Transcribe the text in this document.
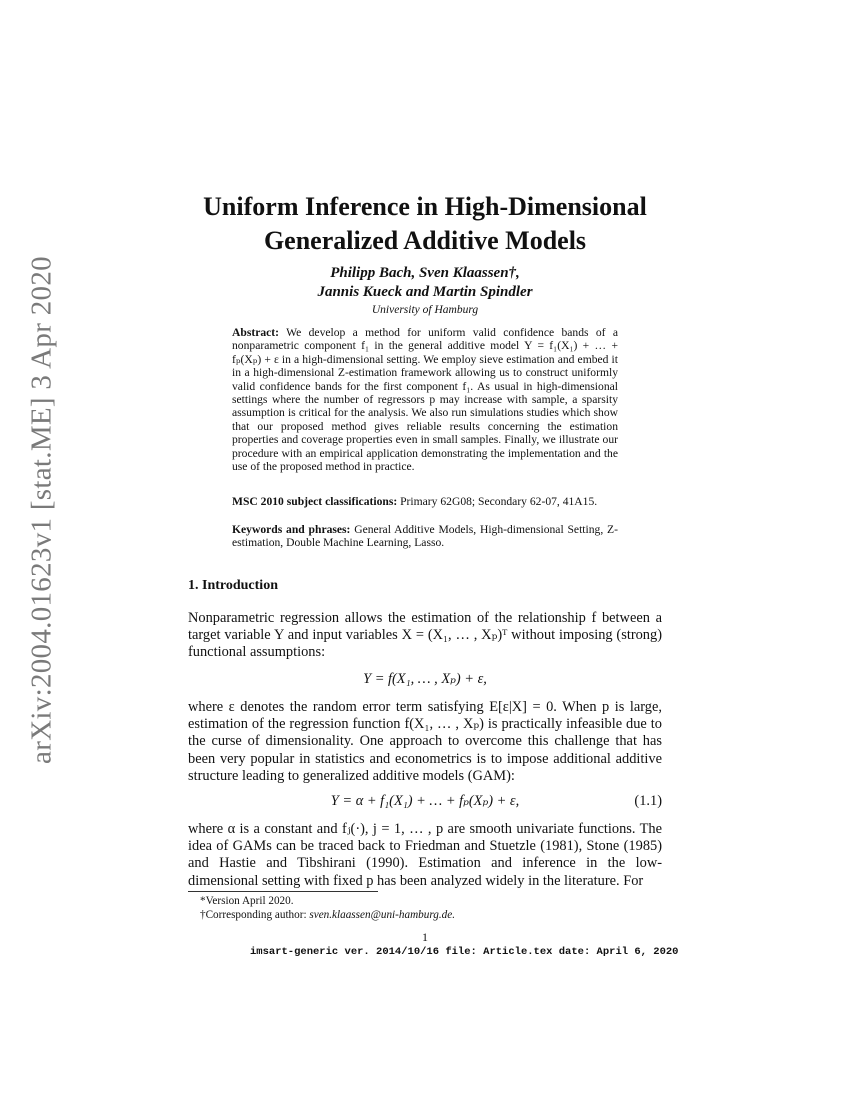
arXiv:2004.01623v1 [stat.ME] 3 Apr 2020
Uniform Inference in High-Dimensional Generalized Additive Models
Philipp Bach, Sven Klaassen†,
Jannis Kueck and Martin Spindler
University of Hamburg
Abstract: We develop a method for uniform valid confidence bands of a nonparametric component f₁ in the general additive model Y = f₁(X₁) + … + fₚ(Xₚ) + ε in a high-dimensional setting. We employ sieve estimation and embed it in a high-dimensional Z-estimation framework allowing us to construct uniformly valid confidence bands for the first component f₁. As usual in high-dimensional settings where the number of regressors p may increase with sample, a sparsity assumption is critical for the analysis. We also run simulations studies which show that our proposed method gives reliable results concerning the estimation properties and coverage properties even in small samples. Finally, we illustrate our procedure with an empirical application demonstrating the implementation and the use of the proposed method in practice.
MSC 2010 subject classifications: Primary 62G08; Secondary 62-07, 41A15.
Keywords and phrases: General Additive Models, High-dimensional Setting, Z-estimation, Double Machine Learning, Lasso.
1. Introduction
Nonparametric regression allows the estimation of the relationship f between a target variable Y and input variables X = (X₁, … , Xₚ)ᵀ without imposing (strong) functional assumptions:
Y = f(X₁, … , Xₚ) + ε,
where ε denotes the random error term satisfying E[ε|X] = 0. When p is large, estimation of the regression function f(X₁, … , Xₚ) is practically infeasible due to the curse of dimensionality. One approach to overcome this challenge that has been very popular in statistics and econometrics is to impose additional additive structure leading to generalized additive models (GAM):
Y = α + f₁(X₁) + … + fₚ(Xₚ) + ε,	(1.1)
where α is a constant and fⱼ(·), j = 1, … , p are smooth univariate functions. The idea of GAMs can be traced back to Friedman and Stuetzle (1981), Stone (1985) and Hastie and Tibshirani (1990). Estimation and inference in the low-dimensional setting with fixed p has been analyzed widely in the literature. For
*Version April 2020.
†Corresponding author: sven.klaassen@uni-hamburg.de.
1
imsart-generic ver. 2014/10/16 file: Article.tex date: April 6, 2020
